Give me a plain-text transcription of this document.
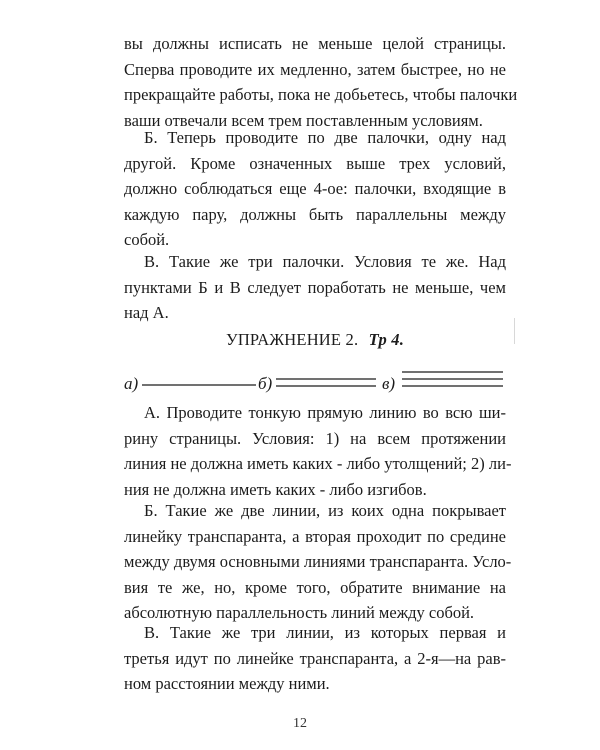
вы должны исписать не меньше целой страницы.
Сперва проводите их медленно, затем быстрее, но не
прекращайте работы, пока не добьетесь, чтобы палочки
ваши отвечали всем трем поставленным условиям.
Б. Теперь проводите по две палочки, одну над
другой. Кроме означенных выше трех условий,
должно соблюдаться еще 4-ое: палочки, входящие в
каждую пару, должны быть параллельны между
собой.
В. Такие же три палочки. Условия те же. Над
пунктами Б и В следует поработать не меньше, чем
над А.
УПРАЖНЕНИЕ 2. Тр 4.
а)	б)	в)
А. Проводите тонкую прямую линию во всю ши-
рину страницы. Условия: 1) на всем протяжении
линия не должна иметь каких - либо утолщений; 2) ли-
ния не должна иметь каких - либо изгибов.
Б. Такие же две линии, из коих одна покрывает
линейку транспаранта, а вторая проходит по средине
между двумя основными линиями транспаранта. Усло-
вия те же, но, кроме того, обратите внимание на
абсолютную параллельность линий между собой.
В. Такие же три линии, из которых первая и
третья идут по линейке транспаранта, а 2-я—на рав-
ном расстоянии между ними.
12
